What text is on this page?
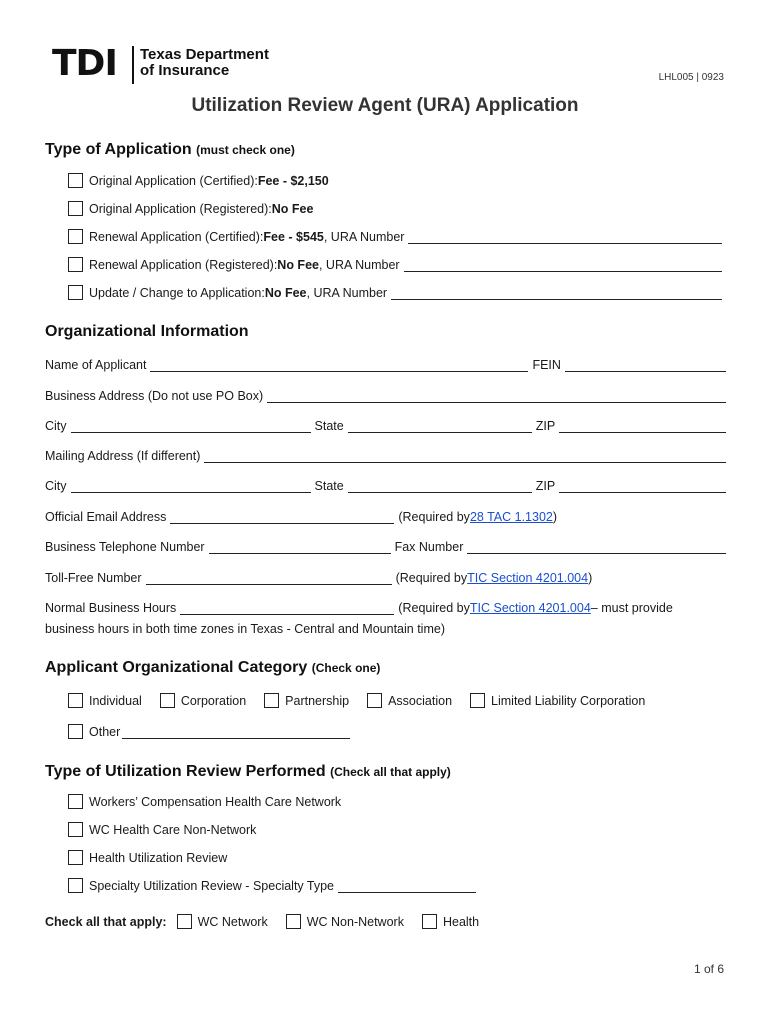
TDI Texas Department
of Insurance	LHL005 | 0923
Utilization Review Agent (URA) Application
Type of Application (must check one)
Original Application (Certified): Fee - $2,150
Original Application (Registered): No Fee
Renewal Application (Certified): Fee - $545 , URA Number
Renewal Application (Registered): No Fee , URA Number
Update / Change to Application: No Fee , URA Number
Organizational Information
Name of Applicant	FEIN
Business Address (Do not use PO Box)
City	State	ZIP
Mailing Address (If different)
City	State	ZIP
Official Email Address	(Required by 28 TAC 1.1302 )
Business Telephone Number	Fax Number
Toll-Free Number	(Required by TIC Section 4201.004 )
Normal Business Hours	(Required by TIC Section 4201.004 – must provide
business hours in both time zones in Texas - Central and Mountain time)
Applicant Organizational Category (Check one)
Individual	Corporation	Partnership	Association	Limited Liability Corporation
Other
Type of Utilization Review Performed (Check all that apply)
Workers’ Compensation Health Care Network
WC Health Care Non-Network
Health Utilization Review
Specialty Utilization Review - Specialty Type
Check all that apply: WC Network	WC Non-Network	Health
1 of 6
